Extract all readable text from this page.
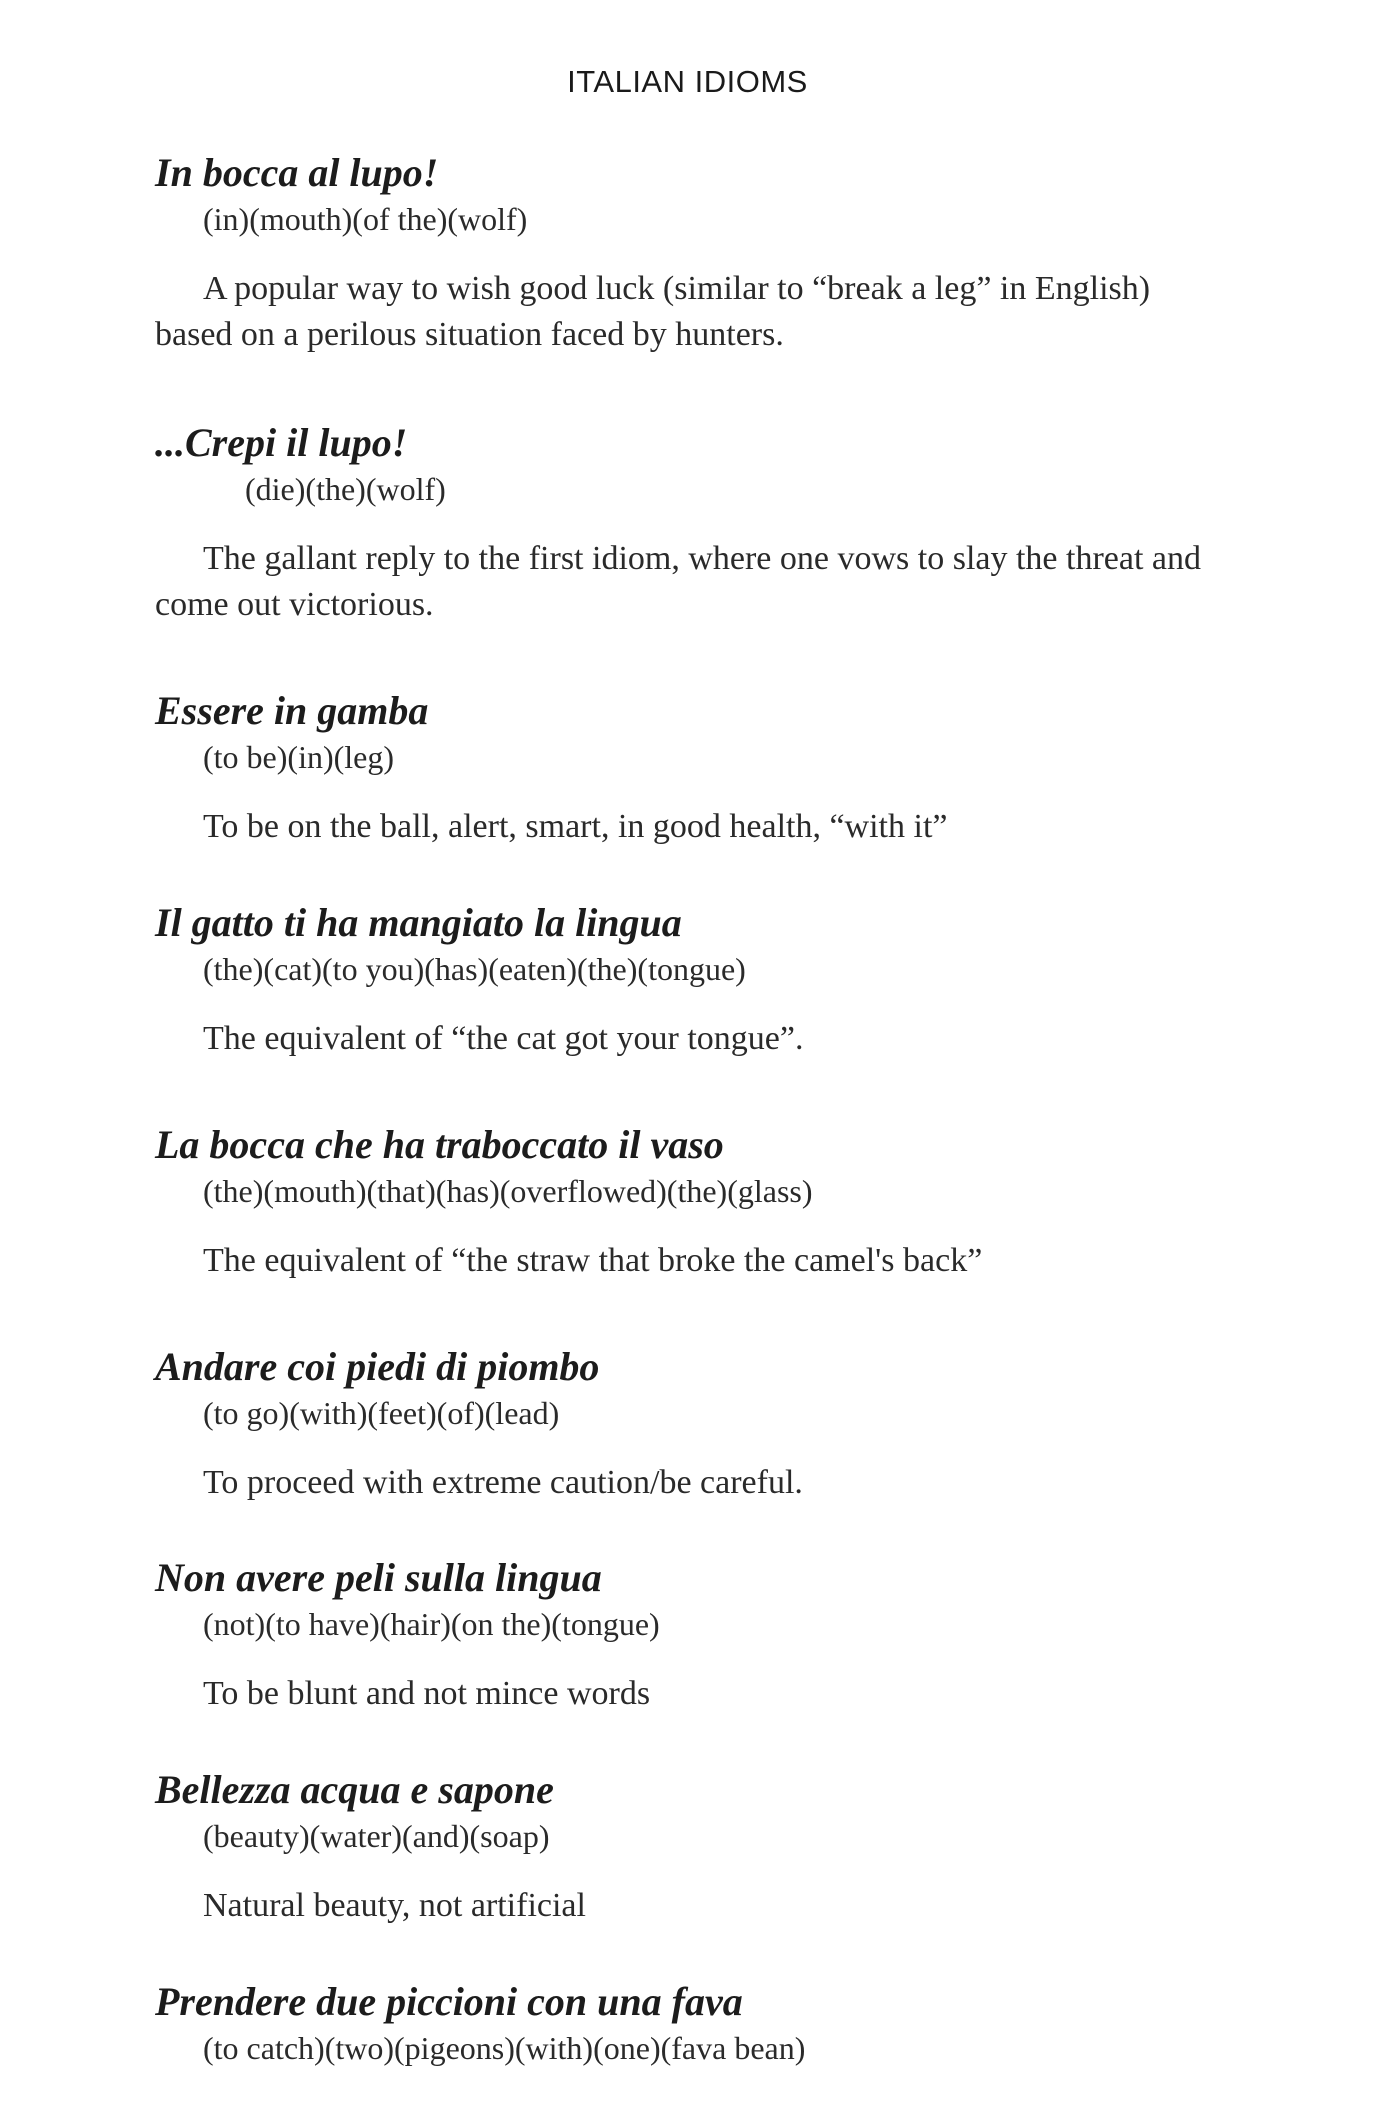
ITALIAN IDIOMS
In bocca al lupo!
(in)(mouth)(of the)(wolf)
A popular way to wish good luck (similar to “break a leg” in English) based on a perilous situation faced by hunters.
...Crepi il lupo!
(die)(the)(wolf)
The gallant reply to the first idiom, where one vows to slay the threat and come out victorious.
Essere in gamba
(to be)(in)(leg)
To be on the ball, alert, smart, in good health, “with it”
Il gatto ti ha mangiato la lingua
(the)(cat)(to you)(has)(eaten)(the)(tongue)
The equivalent of “the cat got your tongue”.
La bocca che ha traboccato il vaso
(the)(mouth)(that)(has)(overflowed)(the)(glass)
The equivalent of “the straw that broke the camel's back”
Andare coi piedi di piombo
(to go)(with)(feet)(of)(lead)
To proceed with extreme caution/be careful.
Non avere peli sulla lingua
(not)(to have)(hair)(on the)(tongue)
To be blunt and not mince words
Bellezza acqua e sapone
(beauty)(water)(and)(soap)
Natural beauty, not artificial
Prendere due piccioni con una fava
(to catch)(two)(pigeons)(with)(one)(fava bean)
